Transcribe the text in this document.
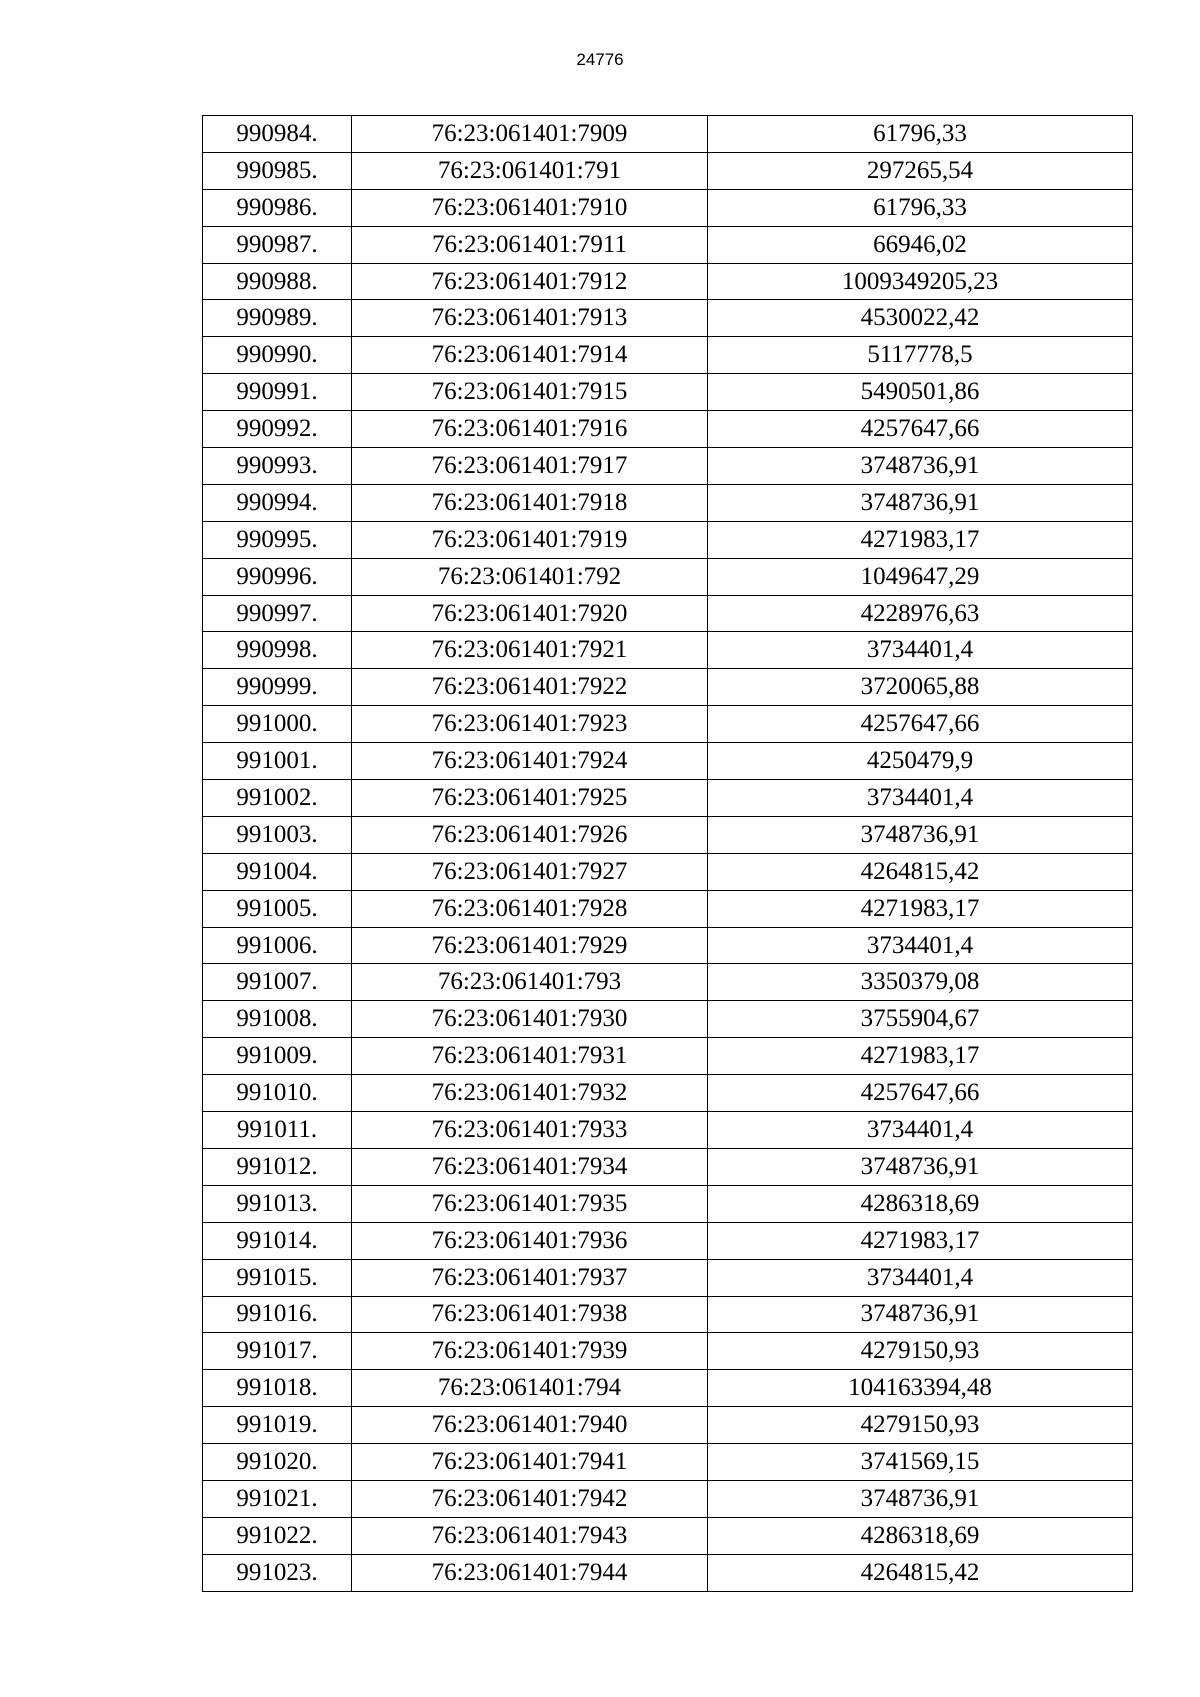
24776
990984.	76:23:061401:7909	61796,33
990985.	76:23:061401:791	297265,54
990986.	76:23:061401:7910	61796,33
990987.	76:23:061401:7911	66946,02
990988.	76:23:061401:7912	1009349205,23
990989.	76:23:061401:7913	4530022,42
990990.	76:23:061401:7914	5117778,5
990991.	76:23:061401:7915	5490501,86
990992.	76:23:061401:7916	4257647,66
990993.	76:23:061401:7917	3748736,91
990994.	76:23:061401:7918	3748736,91
990995.	76:23:061401:7919	4271983,17
990996.	76:23:061401:792	1049647,29
990997.	76:23:061401:7920	4228976,63
990998.	76:23:061401:7921	3734401,4
990999.	76:23:061401:7922	3720065,88
991000.	76:23:061401:7923	4257647,66
991001.	76:23:061401:7924	4250479,9
991002.	76:23:061401:7925	3734401,4
991003.	76:23:061401:7926	3748736,91
991004.	76:23:061401:7927	4264815,42
991005.	76:23:061401:7928	4271983,17
991006.	76:23:061401:7929	3734401,4
991007.	76:23:061401:793	3350379,08
991008.	76:23:061401:7930	3755904,67
991009.	76:23:061401:7931	4271983,17
991010.	76:23:061401:7932	4257647,66
991011.	76:23:061401:7933	3734401,4
991012.	76:23:061401:7934	3748736,91
991013.	76:23:061401:7935	4286318,69
991014.	76:23:061401:7936	4271983,17
991015.	76:23:061401:7937	3734401,4
991016.	76:23:061401:7938	3748736,91
991017.	76:23:061401:7939	4279150,93
991018.	76:23:061401:794	104163394,48
991019.	76:23:061401:7940	4279150,93
991020.	76:23:061401:7941	3741569,15
991021.	76:23:061401:7942	3748736,91
991022.	76:23:061401:7943	4286318,69
991023.	76:23:061401:7944	4264815,42
